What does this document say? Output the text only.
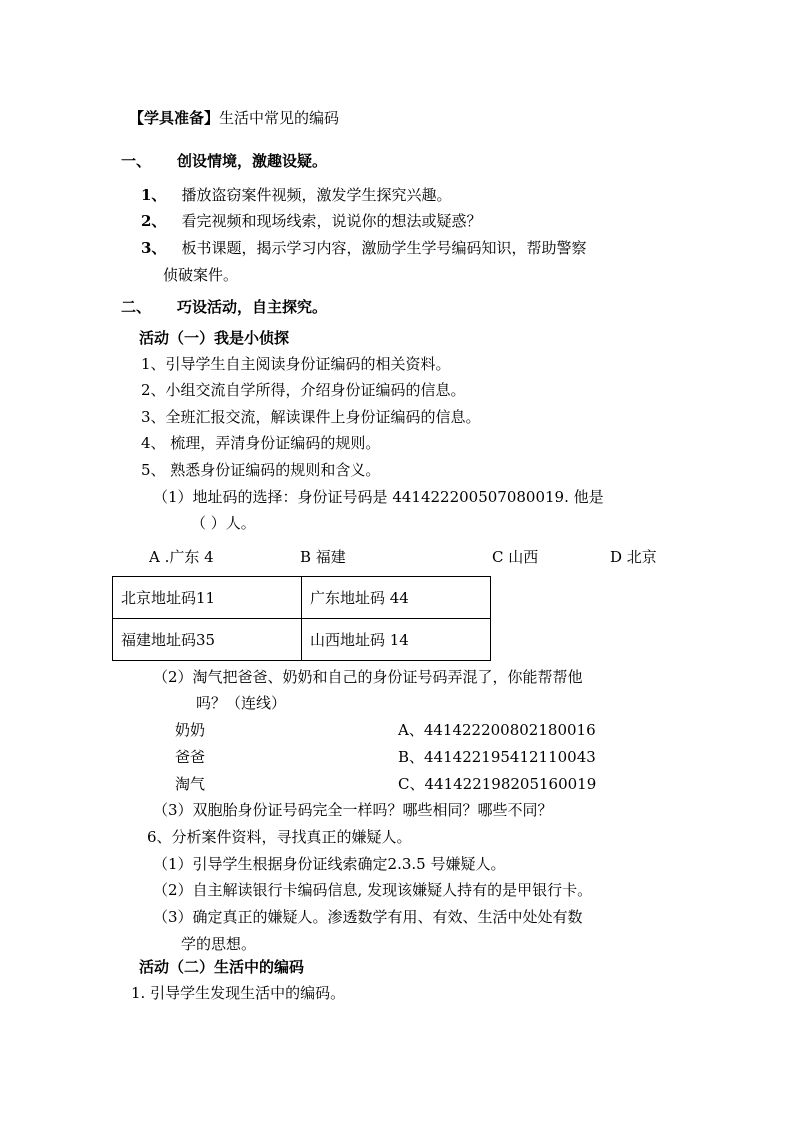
【学具准备】生活中常见的编码
一、 创设情境，激趣设疑。
1、 播放盗窃案件视频，激发学生探究兴趣。
2、 看完视频和现场线索，说说你的想法或疑惑？
3、 板书课题，揭示学习内容，激励学生学号编码知识，帮助警察
侦破案件。
二、 巧设活动，自主探究。
活动（一）我是小侦探
1、引导学生自主阅读身份证编码的相关资料。
2、小组交流自学所得，介绍身份证编码的信息。
3、全班汇报交流，解读课件上身份证编码的信息。
4、 梳理，弄清身份证编码的规则。
5、 熟悉身份证编码的规则和含义。
（1）地址码的选择：身份证号码是 441422200507080019. 他是
（ ）人。
A .广东 4	B 福建	C 山西	D 北京
北京地址码11	广东地址码 44
福建地址码35	山西地址码 14
（2）淘气把爸爸、奶奶和自己的身份证号码弄混了，你能帮帮他
吗？（连线）
奶奶
爸爸
淘气
A、441422200802180016
B、441422195412110043
C、441422198205160019
（3）双胞胎身份证号码完全一样吗？哪些相同？哪些不同？
6、分析案件资料，寻找真正的嫌疑人。
（1）引导学生根据身份证线索确定2.3.5 号嫌疑人。
（2）自主解读银行卡编码信息, 发现该嫌疑人持有的是甲银行卡。
（3）确定真正的嫌疑人。渗透数学有用、有效、生活中处处有数
学的思想。
活动（二）生活中的编码
1. 引导学生发现生活中的编码。
